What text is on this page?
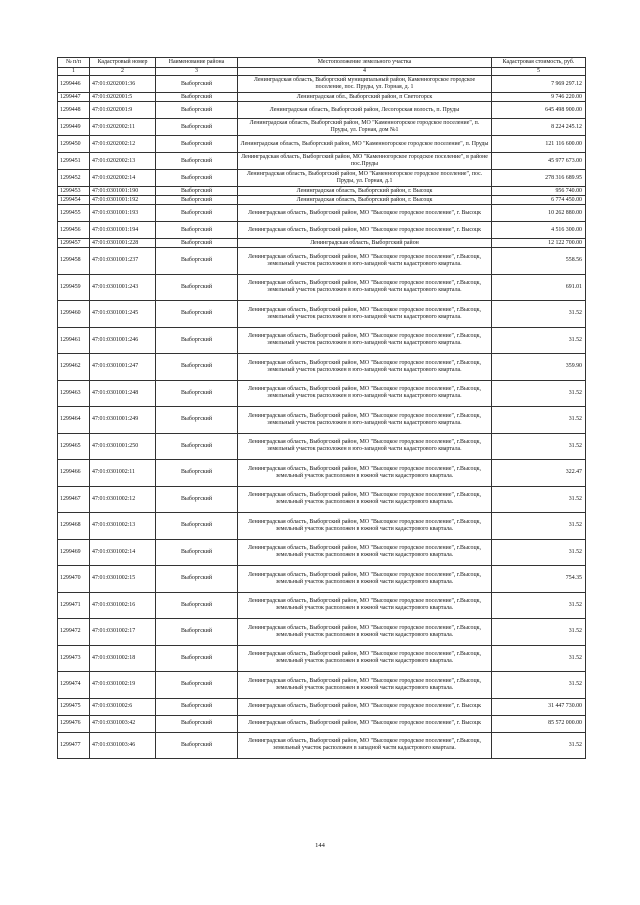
№ п/п	Кадастровый номер	Наименование района	Местоположение земельного участка	Кадастровая стоимость, руб.
1	2	3	4	5
1299446	47:01:0202001:36	Выборгский	Ленинградская область, Выборгский муниципальный район, Каменногорское городское поселение, пос. Пруды, ул. Горная, д. 1	7 969 297.12
1299447	47:01:0202001:5	Выборгский	Ленинградская обл., Выборгский район, п Светогорск	9 746 220.00
1299448	47:01:0202001:9	Выборгский	Ленинградская область, Выборгский район, Лесогорская волость, п. Пруды	645 498 900.00
1299449	47:01:0202002:11	Выборгский	Ленинградская область, Выборгский район, МО "Каменногорское городское поселение", п. Пруды, ул. Горная, дом №1	8 224 245.12
1299450	47:01:0202002:12	Выборгский	Ленинградская область, Выборгский район, МО "Каменногорское городское поселение", п. Пруды	121 116 600.00
1299451	47:01:0202002:13	Выборгский	Ленинградская область, Выборгский район, МО "Каменногорское городское поселение", в районе пос.Пруды	45 977 673.00
1299452	47:01:0202002:14	Выборгский	Ленинградская область, Выборгский район, МО "Каменногорское городское поселение", пос. Пруды, ул. Горная, д.1	278 316 689.95
1299453	47:01:0301001:190	Выборгский	Ленинградская область, Выборгский район, г. Высоцк	956 740.00
1299454	47:01:0301001:192	Выборгский	Ленинградская область, Выборгский район, г. Высоцк	6 774 450.00
1299455	47:01:0301001:193	Выборгский	Ленинградская область, Выборгский район, МО "Высоцкое городское поселение", г. Высоцк	10 262 880.00
1299456	47:01:0301001:194	Выборгский	Ленинградская область, Выборгский район, МО "Высоцкое городское поселение", г. Высоцк	4 516 300.00
1299457	47:01:0301001:228	Выборгский	Ленинградская область, Выборгский район	12 122 700.00
1299458	47:01:0301001:237	Выборгский	Ленинградская область, Выборгский район, МО "Высоцкое городское поселение", г.Высоцк, земельный участок расположен в юго-западной части кадастрового квартала.	558.56
1299459	47:01:0301001:243	Выборгский	Ленинградская область, Выборгский район, МО "Высоцкое городское поселение", г.Высоцк, земельный участок расположен в юго-западной части кадастрового квартала.	691.01
1299460	47:01:0301001:245	Выборгский	Ленинградская область, Выборгский район, МО "Высоцкое городское поселение", г.Высоцк, земельный участок расположен в юго-западной части кадастрового квартала.	31.52
1299461	47:01:0301001:246	Выборгский	Ленинградская область, Выборгский район, МО "Высоцкое городское поселение", г.Высоцк, земельный участок расположен в юго-западной части кадастрового квартала.	31.52
1299462	47:01:0301001:247	Выборгский	Ленинградская область, Выборгский район, МО "Высоцкое городское поселение", г.Высоцк, земельный участок расположен в юго-западной части кадастрового квартала.	359.90
1299463	47:01:0301001:248	Выборгский	Ленинградская область, Выборгский район, МО "Высоцкое городское поселение", г.Высоцк, земельный участок расположен в юго-западной части кадастрового квартала.	31.52
1299464	47:01:0301001:249	Выборгский	Ленинградская область, Выборгский район, МО "Высоцкое городское поселение", г.Высоцк, земельный участок расположен в юго-западной части кадастрового квартала.	31.52
1299465	47:01:0301001:250	Выборгский	Ленинградская область, Выборгский район, МО "Высоцкое городское поселение", г.Высоцк, земельный участок расположен в юго-западной части кадастрового квартала.	31.52
1299466	47:01:0301002:11	Выборгский	Ленинградская область, Выборгский район, МО "Высоцкое городское поселение", г.Высоцк, земельный участок расположен в южной части кадастрового квартала.	322.47
1299467	47:01:0301002:12	Выборгский	Ленинградская область, Выборгский район, МО "Высоцкое городское поселение", г.Высоцк, земельный участок расположен в южной части кадастрового квартала.	31.52
1299468	47:01:0301002:13	Выборгский	Ленинградская область, Выборгский район, МО "Высоцкое городское поселение", г.Высоцк, земельный участок расположен в южной части кадастрового квартала.	31.52
1299469	47:01:0301002:14	Выборгский	Ленинградская область, Выборгский район, МО "Высоцкое городское поселение", г.Высоцк, земельный участок расположен в южной части кадастрового квартала.	31.52
1299470	47:01:0301002:15	Выборгский	Ленинградская область, Выборгский район, МО "Высоцкое городское поселение", г.Высоцк, земельный участок расположен в южной части кадастрового квартала.	754.35
1299471	47:01:0301002:16	Выборгский	Ленинградская область, Выборгский район, МО "Высоцкое городское поселение", г.Высоцк, земельный участок расположен в южной части кадастрового квартала.	31.52
1299472	47:01:0301002:17	Выборгский	Ленинградская область, Выборгский район, МО "Высоцкое городское поселение", г.Высоцк, земельный участок расположен в южной части кадастрового квартала.	31.52
1299473	47:01:0301002:18	Выборгский	Ленинградская область, Выборгский район, МО "Высоцкое городское поселение", г.Высоцк, земельный участок расположен в южной части кадастрового квартала.	31.52
1299474	47:01:0301002:19	Выборгский	Ленинградская область, Выборгский район, МО "Высоцкое городское поселение", г.Высоцк, земельный участок расположен в южной части кадастрового квартала.	31.52
1299475	47:01:0301002:6	Выборгский	Ленинградская область, Выборгский район, МО "Высоцкое городское поселение", г. Высоцк	31 447 730.00
1299476	47:01:0301003:42	Выборгский	Ленинградская область, Выборгский район, МО "Высоцкое городское поселение", г. Высоцк	85 572 000.00
1299477	47:01:0301003:46	Выборгский	Ленинградская область, Выборгский район, МО "Высоцкое городское поселение", г.Высоцк, земельный участок расположен в западной части кадастрового квартала.	31.52
144
